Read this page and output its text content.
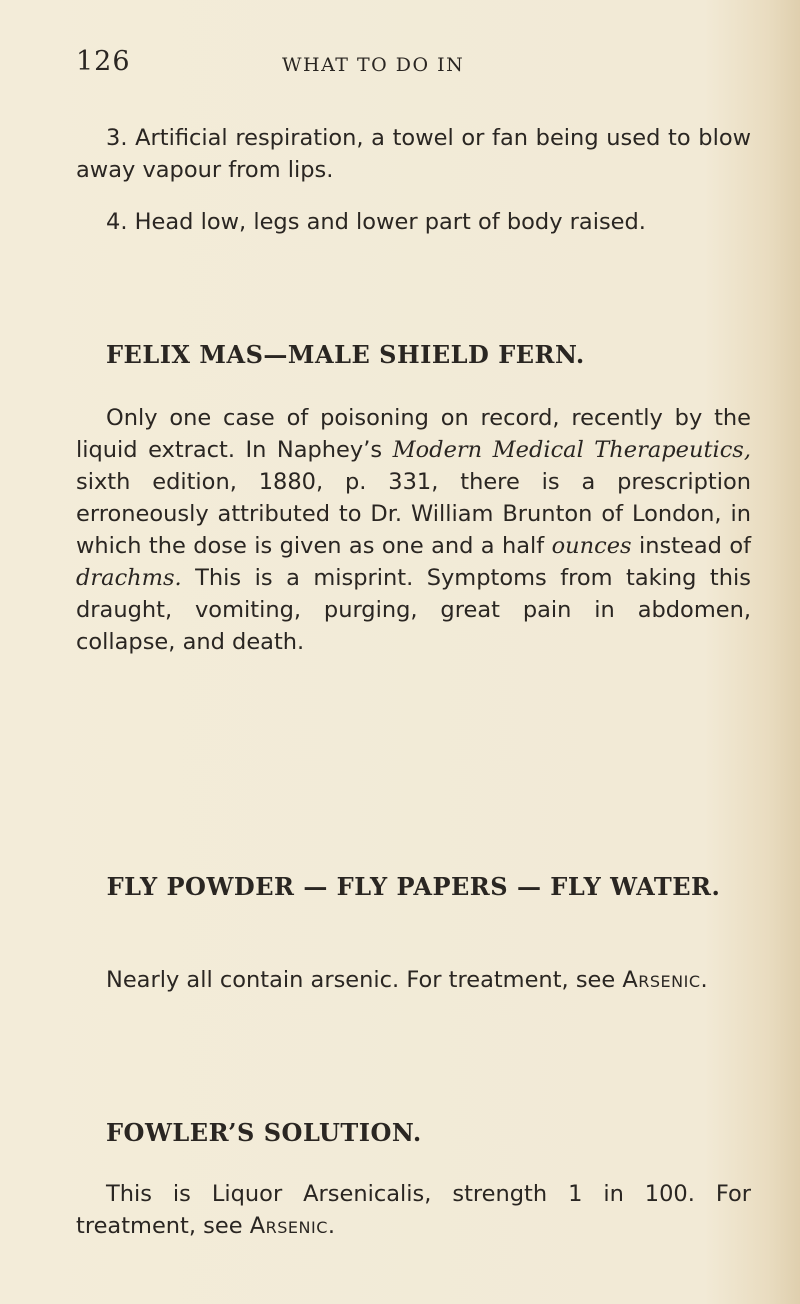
126	WHAT TO DO IN

3. Artificial respiration, a towel or fan being used to blow away vapour from lips.

4. Head low, legs and lower part of body raised.

FELIX MAS—MALE SHIELD FERN.

Only one case of poisoning on record, recently by the liquid extract. In Naphey’s Modern Medical Therapeutics, sixth edition, 1880, p. 331, there is a prescription erroneously attributed to Dr. William Brunton of London, in which the dose is given as one and a half ounces instead of drachms. This is a misprint. Symptoms from taking this draught, vomiting, purging, great pain in abdomen, collapse, and death.

FLY POWDER — FLY PAPERS — FLY WATER.

Nearly all contain arsenic. For treatment, see Arsenic.

FOWLER’S SOLUTION.

This is Liquor Arsenicalis, strength 1 in 100. For treatment, see Arsenic.
